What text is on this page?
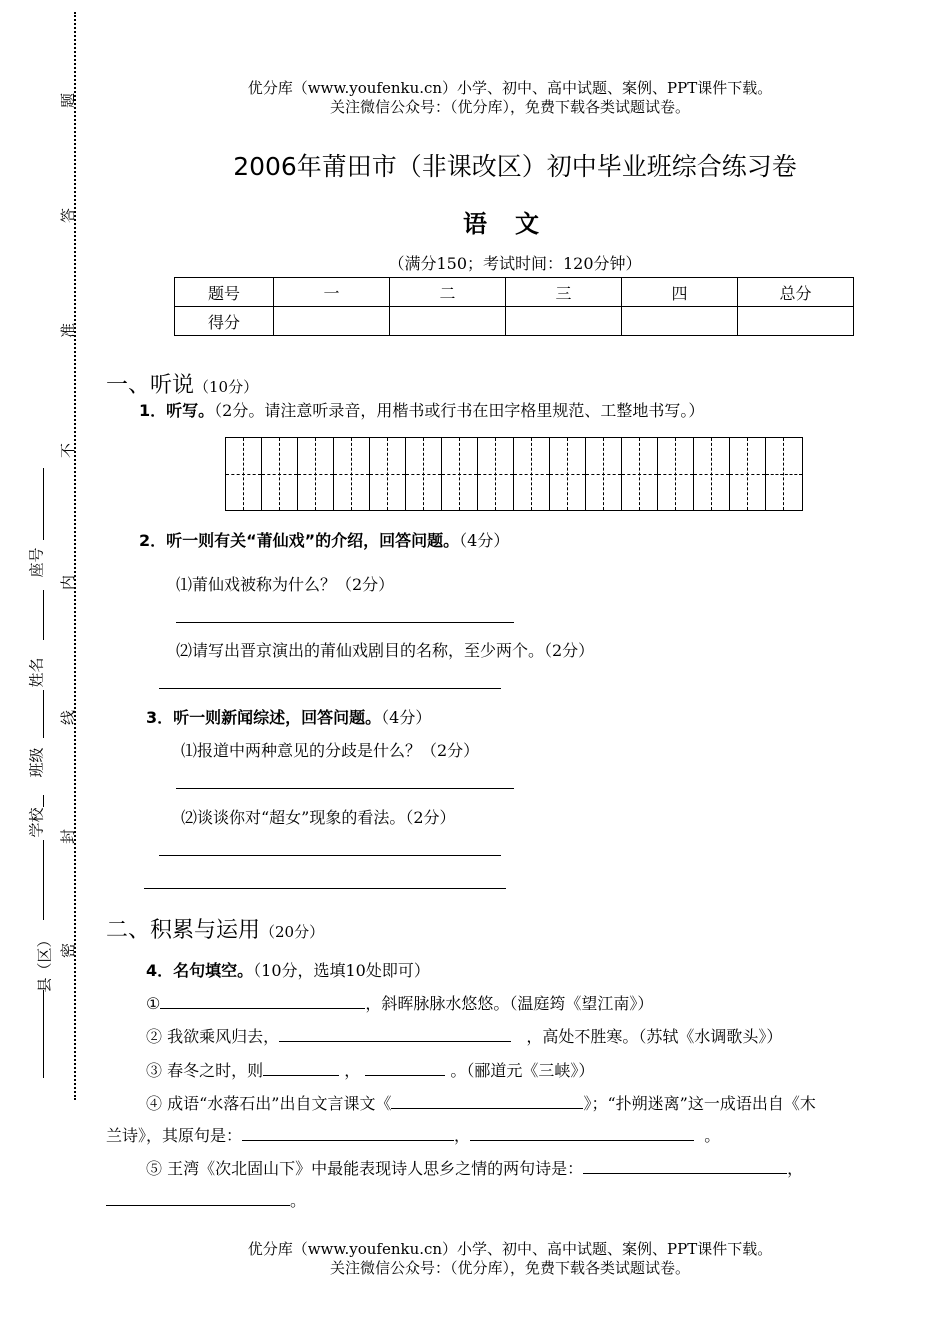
题
答
准
不
内
线
封
密
座号
姓名
班级
学校
县（区）
优分库（www.youfenku.cn）小学、初中、高中试题、案例、PPT课件下载。
关注微信公众号：（优分库），免费下载各类试题试卷。
2006年莆田市（非课改区）初中毕业班综合练习卷
语文
（满分150；考试时间：120分钟）
题号	一	二	三	四	总分
得分					
一、听说（10分）
1．听写。（2分。请注意听录音，用楷书或行书在田字格里规范、工整地书写。）
2．听一则有关“莆仙戏”的介绍，回答问题。（4分）
⑴莆仙戏被称为什么？（2分）
⑵请写出晋京演出的莆仙戏剧目的名称，至少两个。（2分）
3．听一则新闻综述，回答问题。（4分）
⑴报道中两种意见的分歧是什么？（2分）
⑵谈谈你对“超女”现象的看法。（2分）
二、积累与运用（20分）
4．名句填空。（10分，选填10处即可）
①	，斜晖脉脉水悠悠。（温庭筠《望江南》）
② 我欲乘风归去，	，高处不胜寒。（苏轼《水调歌头》）
③ 春冬之时，则	，	。（郦道元《三峡》）
④ 成语“水落石出”出自文言课文《	》；“扑朔迷离”这一成语出自《木
兰诗》，其原句是：	，	。
⑤ 王湾《次北固山下》中最能表现诗人思乡之情的两句诗是：	，
。
优分库（www.youfenku.cn）小学、初中、高中试题、案例、PPT课件下载。
关注微信公众号：（优分库），免费下载各类试题试卷。
